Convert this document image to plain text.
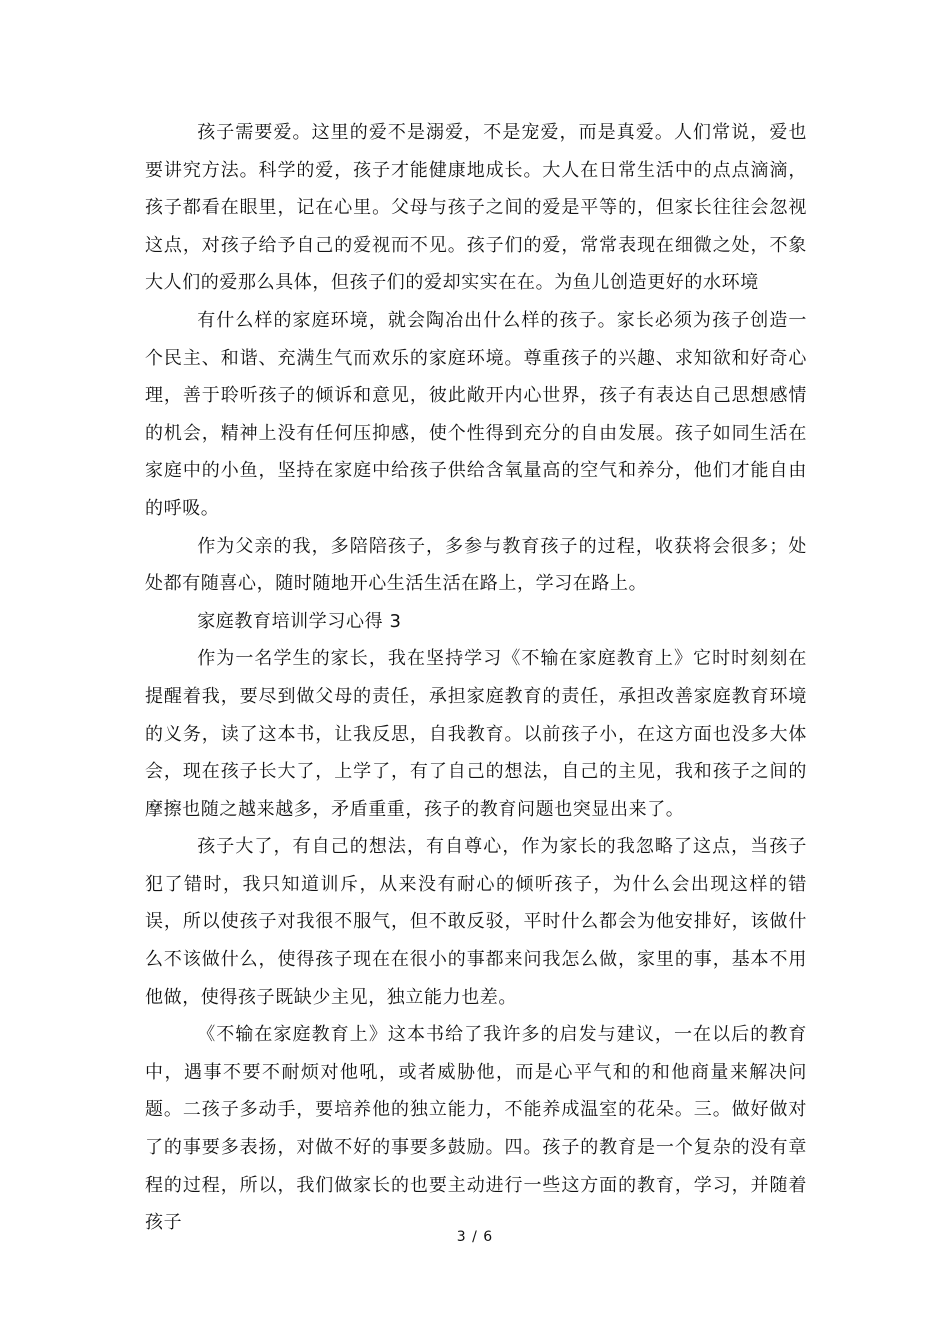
孩子需要爱。这里的爱不是溺爱，不是宠爱，而是真爱。人们常说，爱也要讲究方法。科学的爱，孩子才能健康地成长。大人在日常生活中的点点滴滴，孩子都看在眼里，记在心里。父母与孩子之间的爱是平等的，但家长往往会忽视这点，对孩子给予自己的爱视而不见。孩子们的爱，常常表现在细微之处，不象大人们的爱那么具体，但孩子们的爱却实实在在。为鱼儿创造更好的水环境

有什么样的家庭环境，就会陶冶出什么样的孩子。家长必须为孩子创造一个民主、和谐、充满生气而欢乐的家庭环境。尊重孩子的兴趣、求知欲和好奇心理，善于聆听孩子的倾诉和意见，彼此敞开内心世界，孩子有表达自己思想感情的机会，精神上没有任何压抑感，使个性得到充分的自由发展。孩子如同生活在家庭中的小鱼，坚持在家庭中给孩子供给含氧量高的空气和养分，他们才能自由的呼吸。

作为父亲的我，多陪陪孩子，多参与教育孩子的过程，收获将会很多；处处都有随喜心，随时随地开心生活生活在路上，学习在路上。

家庭教育培训学习心得 3

作为一名学生的家长，我在坚持学习《不输在家庭教育上》它时时刻刻在提醒着我，要尽到做父母的责任，承担家庭教育的责任，承担改善家庭教育环境的义务，读了这本书，让我反思，自我教育。以前孩子小，在这方面也没多大体会，现在孩子长大了，上学了，有了自己的想法，自己的主见，我和孩子之间的摩擦也随之越来越多，矛盾重重，孩子的教育问题也突显出来了。

孩子大了，有自己的想法，有自尊心，作为家长的我忽略了这点，当孩子犯了错时，我只知道训斥，从来没有耐心的倾听孩子，为什么会出现这样的错误，所以使孩子对我很不服气，但不敢反驳，平时什么都会为他安排好，该做什么不该做什么，使得孩子现在在很小的事都来问我怎么做，家里的事，基本不用他做，使得孩子既缺少主见，独立能力也差。

《不输在家庭教育上》这本书给了我许多的启发与建议，一在以后的教育中，遇事不要不耐烦对他吼，或者威胁他，而是心平气和的和他商量来解决问题。二孩子多动手，要培养他的独立能力，不能养成温室的花朵。三。做好做对了的事要多表扬，对做不好的事要多鼓励。四。孩子的教育是一个复杂的没有章程的过程，所以，我们做家长的也要主动进行一些这方面的教育，学习，并随着孩子

3 / 6
